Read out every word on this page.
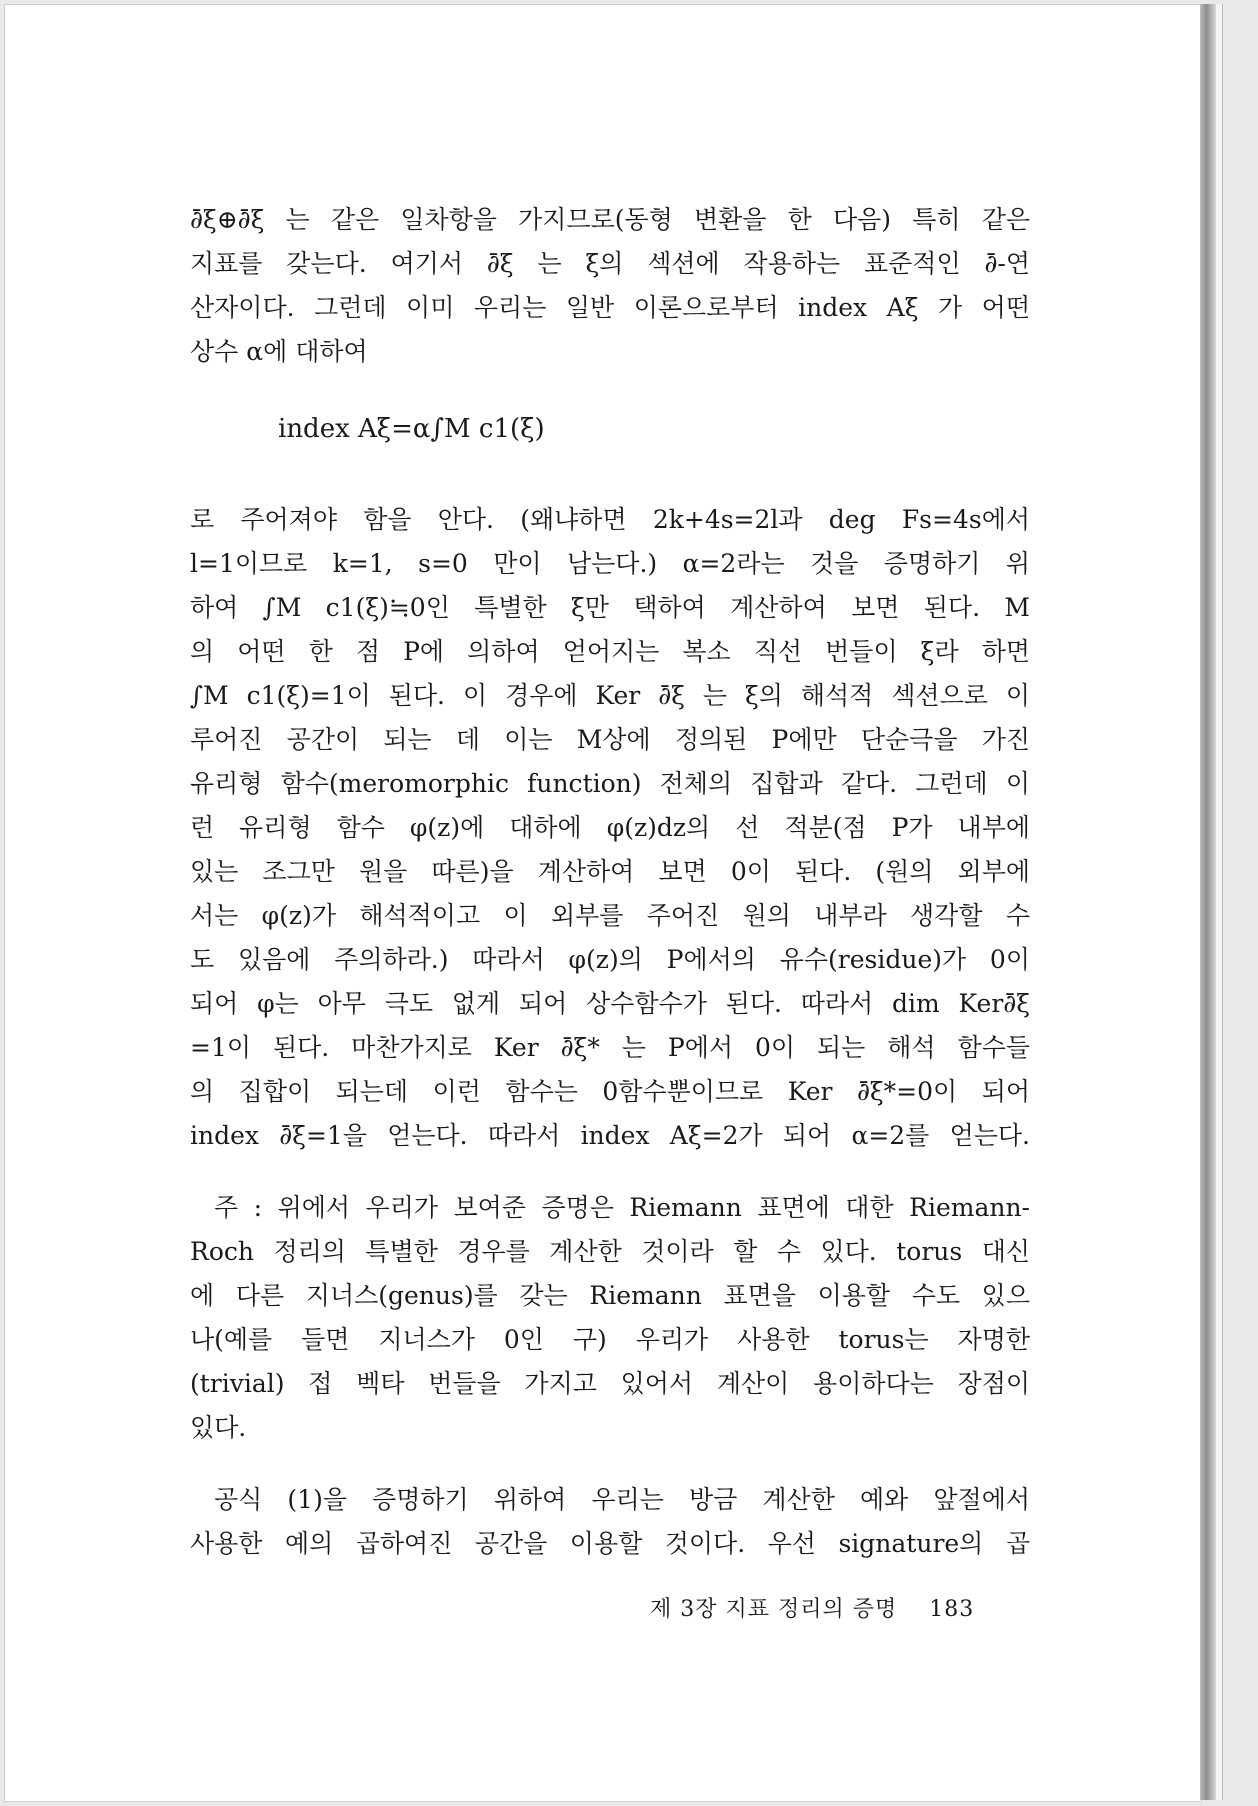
∂̄ξ⊕∂̄ξ 는 같은 일차항을 가지므로(동형 변환을 한 다음) 특히 같은
지표를 갖는다. 여기서 ∂̄ξ 는 ξ의 섹션에 작용하는 표준적인 ∂̄-연
산자이다. 그런데 이미 우리는 일반 이론으로부터 index Aξ 가 어떤
상수 α에 대하여
index Aξ=α∫M c1(ξ)
로 주어져야 함을 안다. (왜냐하면 2k+4s=2l과 deg Fs=4s에서
l=1이므로 k=1, s=0 만이 남는다.) α=2라는 것을 증명하기 위
하여 ∫M c1(ξ)≒0인 특별한 ξ만 택하여 계산하여 보면 된다. M
의 어떤 한 점 P에 의하여 얻어지는 복소 직선 번들이 ξ라 하면
∫M c1(ξ)=1이 된다. 이 경우에 Ker ∂̄ξ 는 ξ의 해석적 섹션으로 이
루어진 공간이 되는 데 이는 M상에 정의된 P에만 단순극을 가진
유리형 함수(meromorphic function) 전체의 집합과 같다. 그런데 이
런 유리형 함수 φ(z)에 대하에 φ(z)dz의 선 적분(점 P가 내부에
있는 조그만 원을 따른)을 계산하여 보면 0이 된다. (원의 외부에
서는 φ(z)가 해석적이고 이 외부를 주어진 원의 내부라 생각할 수
도 있음에 주의하라.) 따라서 φ(z)의 P에서의 유수(residue)가 0이
되어 φ는 아무 극도 없게 되어 상수함수가 된다. 따라서 dim Ker∂̄ξ
=1이 된다. 마찬가지로 Ker ∂̄ξ* 는 P에서 0이 되는 해석 함수들
의 집합이 되는데 이런 함수는 0함수뿐이므로 Ker ∂̄ξ*=0이 되어
index ∂̄ξ=1을 얻는다. 따라서 index Aξ=2가 되어 α=2를 얻는다.
주 : 위에서 우리가 보여준 증명은 Riemann 표면에 대한 Riemann-
Roch 정리의 특별한 경우를 계산한 것이라 할 수 있다. torus 대신
에 다른 지너스(genus)를 갖는 Riemann 표면을 이용할 수도 있으
나(예를 들면 지너스가 0인 구) 우리가 사용한 torus는 자명한
(trivial) 접 벡타 번들을 가지고 있어서 계산이 용이하다는 장점이
있다.
공식 (1)을 증명하기 위하여 우리는 방금 계산한 예와 앞절에서
사용한 예의 곱하여진 공간을 이용할 것이다. 우선 signature의 곱
제 3장 지표 정리의 증명 183
